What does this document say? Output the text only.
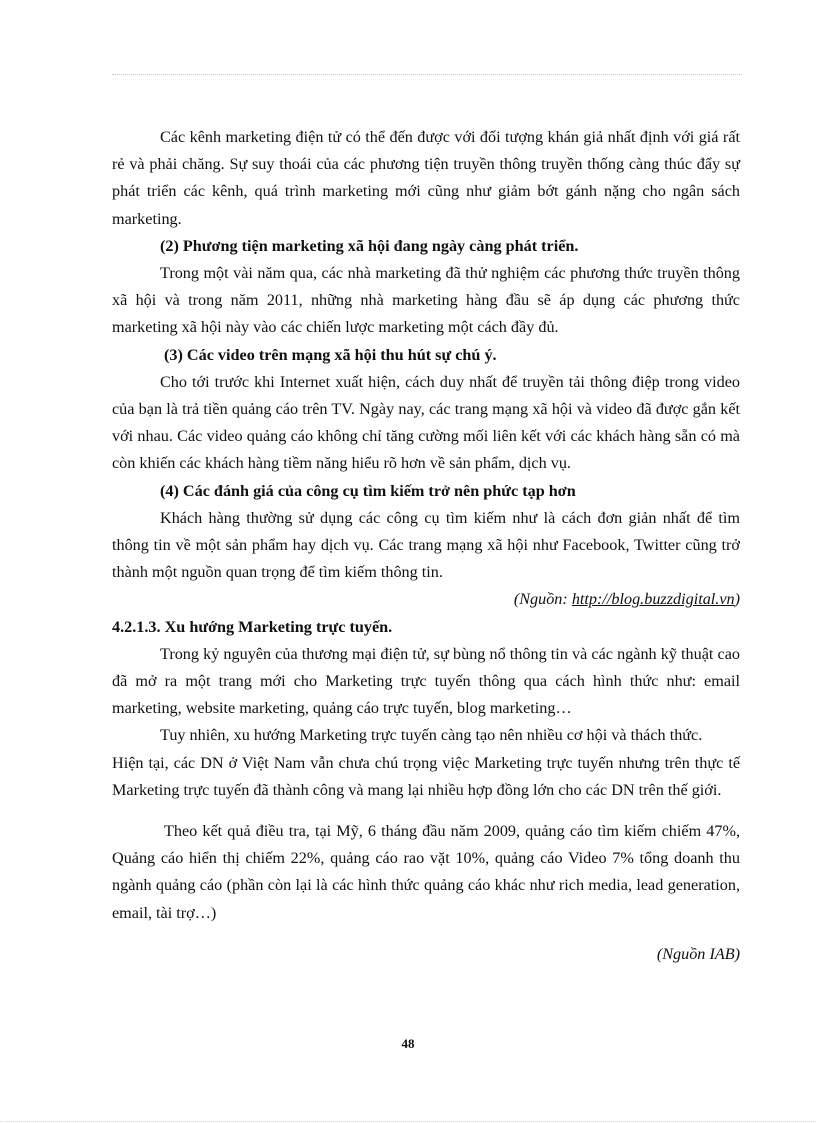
Các kênh marketing điện tử có thể đến được với đối tượng khán giả nhất định với giá rất rẻ và phải chăng. Sự suy thoái của các phương tiện truyền thông truyền thống càng thúc đẩy sự phát triển các kênh, quá trình marketing mới cũng như giảm bớt gánh nặng cho ngân sách marketing.

(2) Phương tiện marketing xã hội đang ngày càng phát triển.

Trong một vài năm qua, các nhà marketing đã thử nghiệm các phương thức truyền thông xã hội và trong năm 2011, những nhà marketing hàng đầu sẽ áp dụng các phương thức marketing xã hội này vào các chiến lược marketing một cách đầy đủ.

(3) Các video trên mạng xã hội thu hút sự chú ý.

Cho tới trước khi Internet xuất hiện, cách duy nhất để truyền tải thông điệp trong video của bạn là trả tiền quảng cáo trên TV. Ngày nay, các trang mạng xã hội và video đã được gắn kết với nhau. Các video quảng cáo không chỉ tăng cường mối liên kết với các khách hàng sẵn có mà còn khiến các khách hàng tiềm năng hiểu rõ hơn về sản phẩm, dịch vụ.

(4) Các đánh giá của công cụ tìm kiếm trở nên phức tạp hơn

Khách hàng thường sử dụng các công cụ tìm kiếm như là cách đơn giản nhất để tìm thông tin về một sản phẩm hay dịch vụ. Các trang mạng xã hội như Facebook, Twitter cũng trở thành một nguồn quan trọng để tìm kiếm thông tin.

(Nguồn: http://blog.buzzdigital.vn)

4.2.1.3. Xu hướng Marketing trực tuyến.

Trong kỷ nguyên của thương mại điện tử, sự bùng nổ thông tin và các ngành kỹ thuật cao đã mở ra một trang mới cho Marketing trực tuyến thông qua cách hình thức như: email marketing, website marketing, quảng cáo trực tuyến, blog marketing…

Tuy nhiên, xu hướng Marketing trực tuyến càng tạo nên nhiều cơ hội và thách thức.

Hiện tại, các DN ở Việt Nam vẫn chưa chú trọng việc Marketing trực tuyến nhưng trên thực tế Marketing trực tuyến đã thành công và mang lại nhiều hợp đồng lớn cho các DN trên thế giới.

Theo kết quả điều tra, tại Mỹ, 6 tháng đầu năm 2009, quảng cáo tìm kiếm chiếm 47%, Quảng cáo hiển thị chiếm 22%, quảng cáo rao vặt 10%, quảng cáo Video 7% tổng doanh thu ngành quảng cáo (phần còn lại là các hình thức quảng cáo khác như rich media, lead generation, email, tài trợ…)

(Nguồn IAB)

48
